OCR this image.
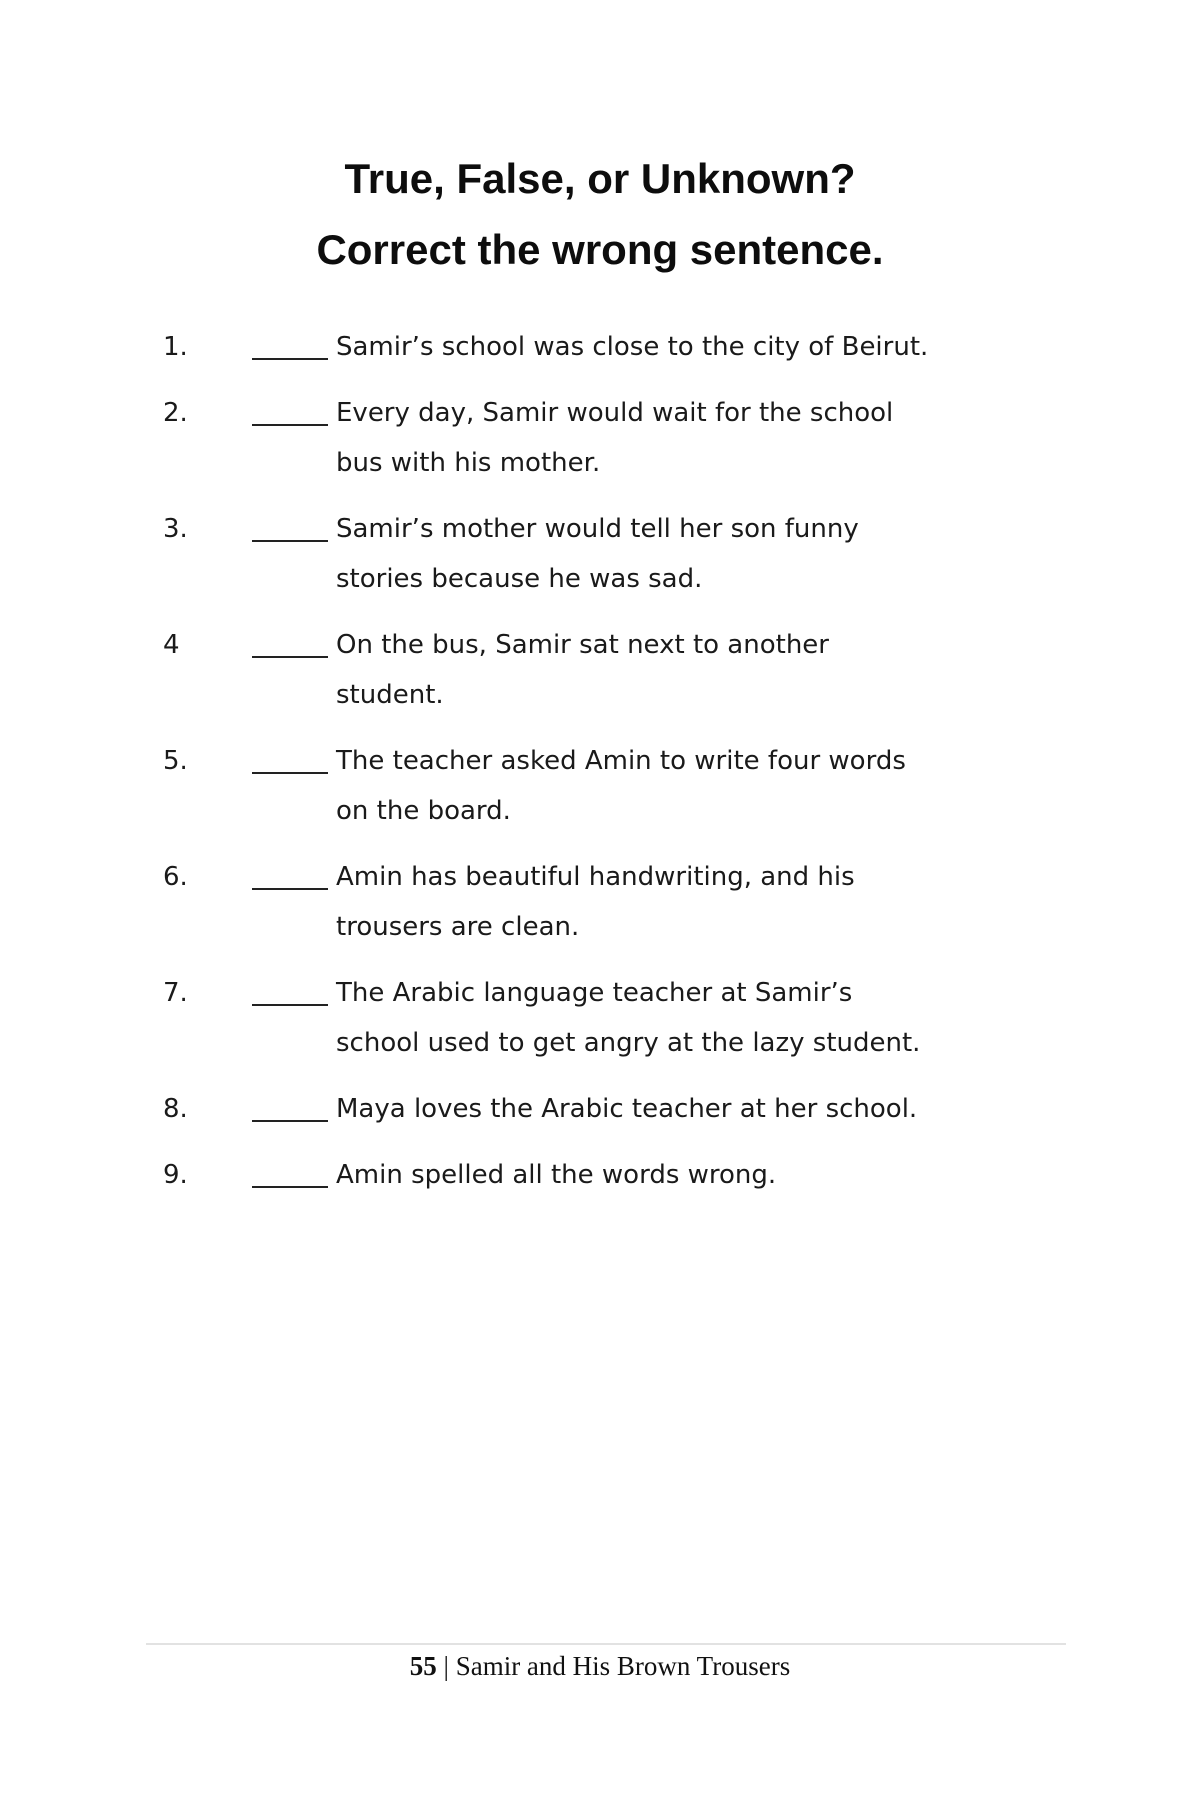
True, False, or Unknown?
Correct the wrong sentence.
1.	Samir’s school was close to the city of Beirut.
2.	Every day, Samir would wait for the school bus with his mother.
3.	Samir’s mother would tell her son funny stories because he was sad.
4	On the bus, Samir sat next to another student.
5.	The teacher asked Amin to write four words on the board.
6.	Amin has beautiful handwriting, and his trousers are clean.
7.	The Arabic language teacher at Samir’s school used to get angry at the lazy student.
8.	Maya loves the Arabic teacher at her school.
9.	Amin spelled all the words wrong.
55 | Samir and His Brown Trousers
